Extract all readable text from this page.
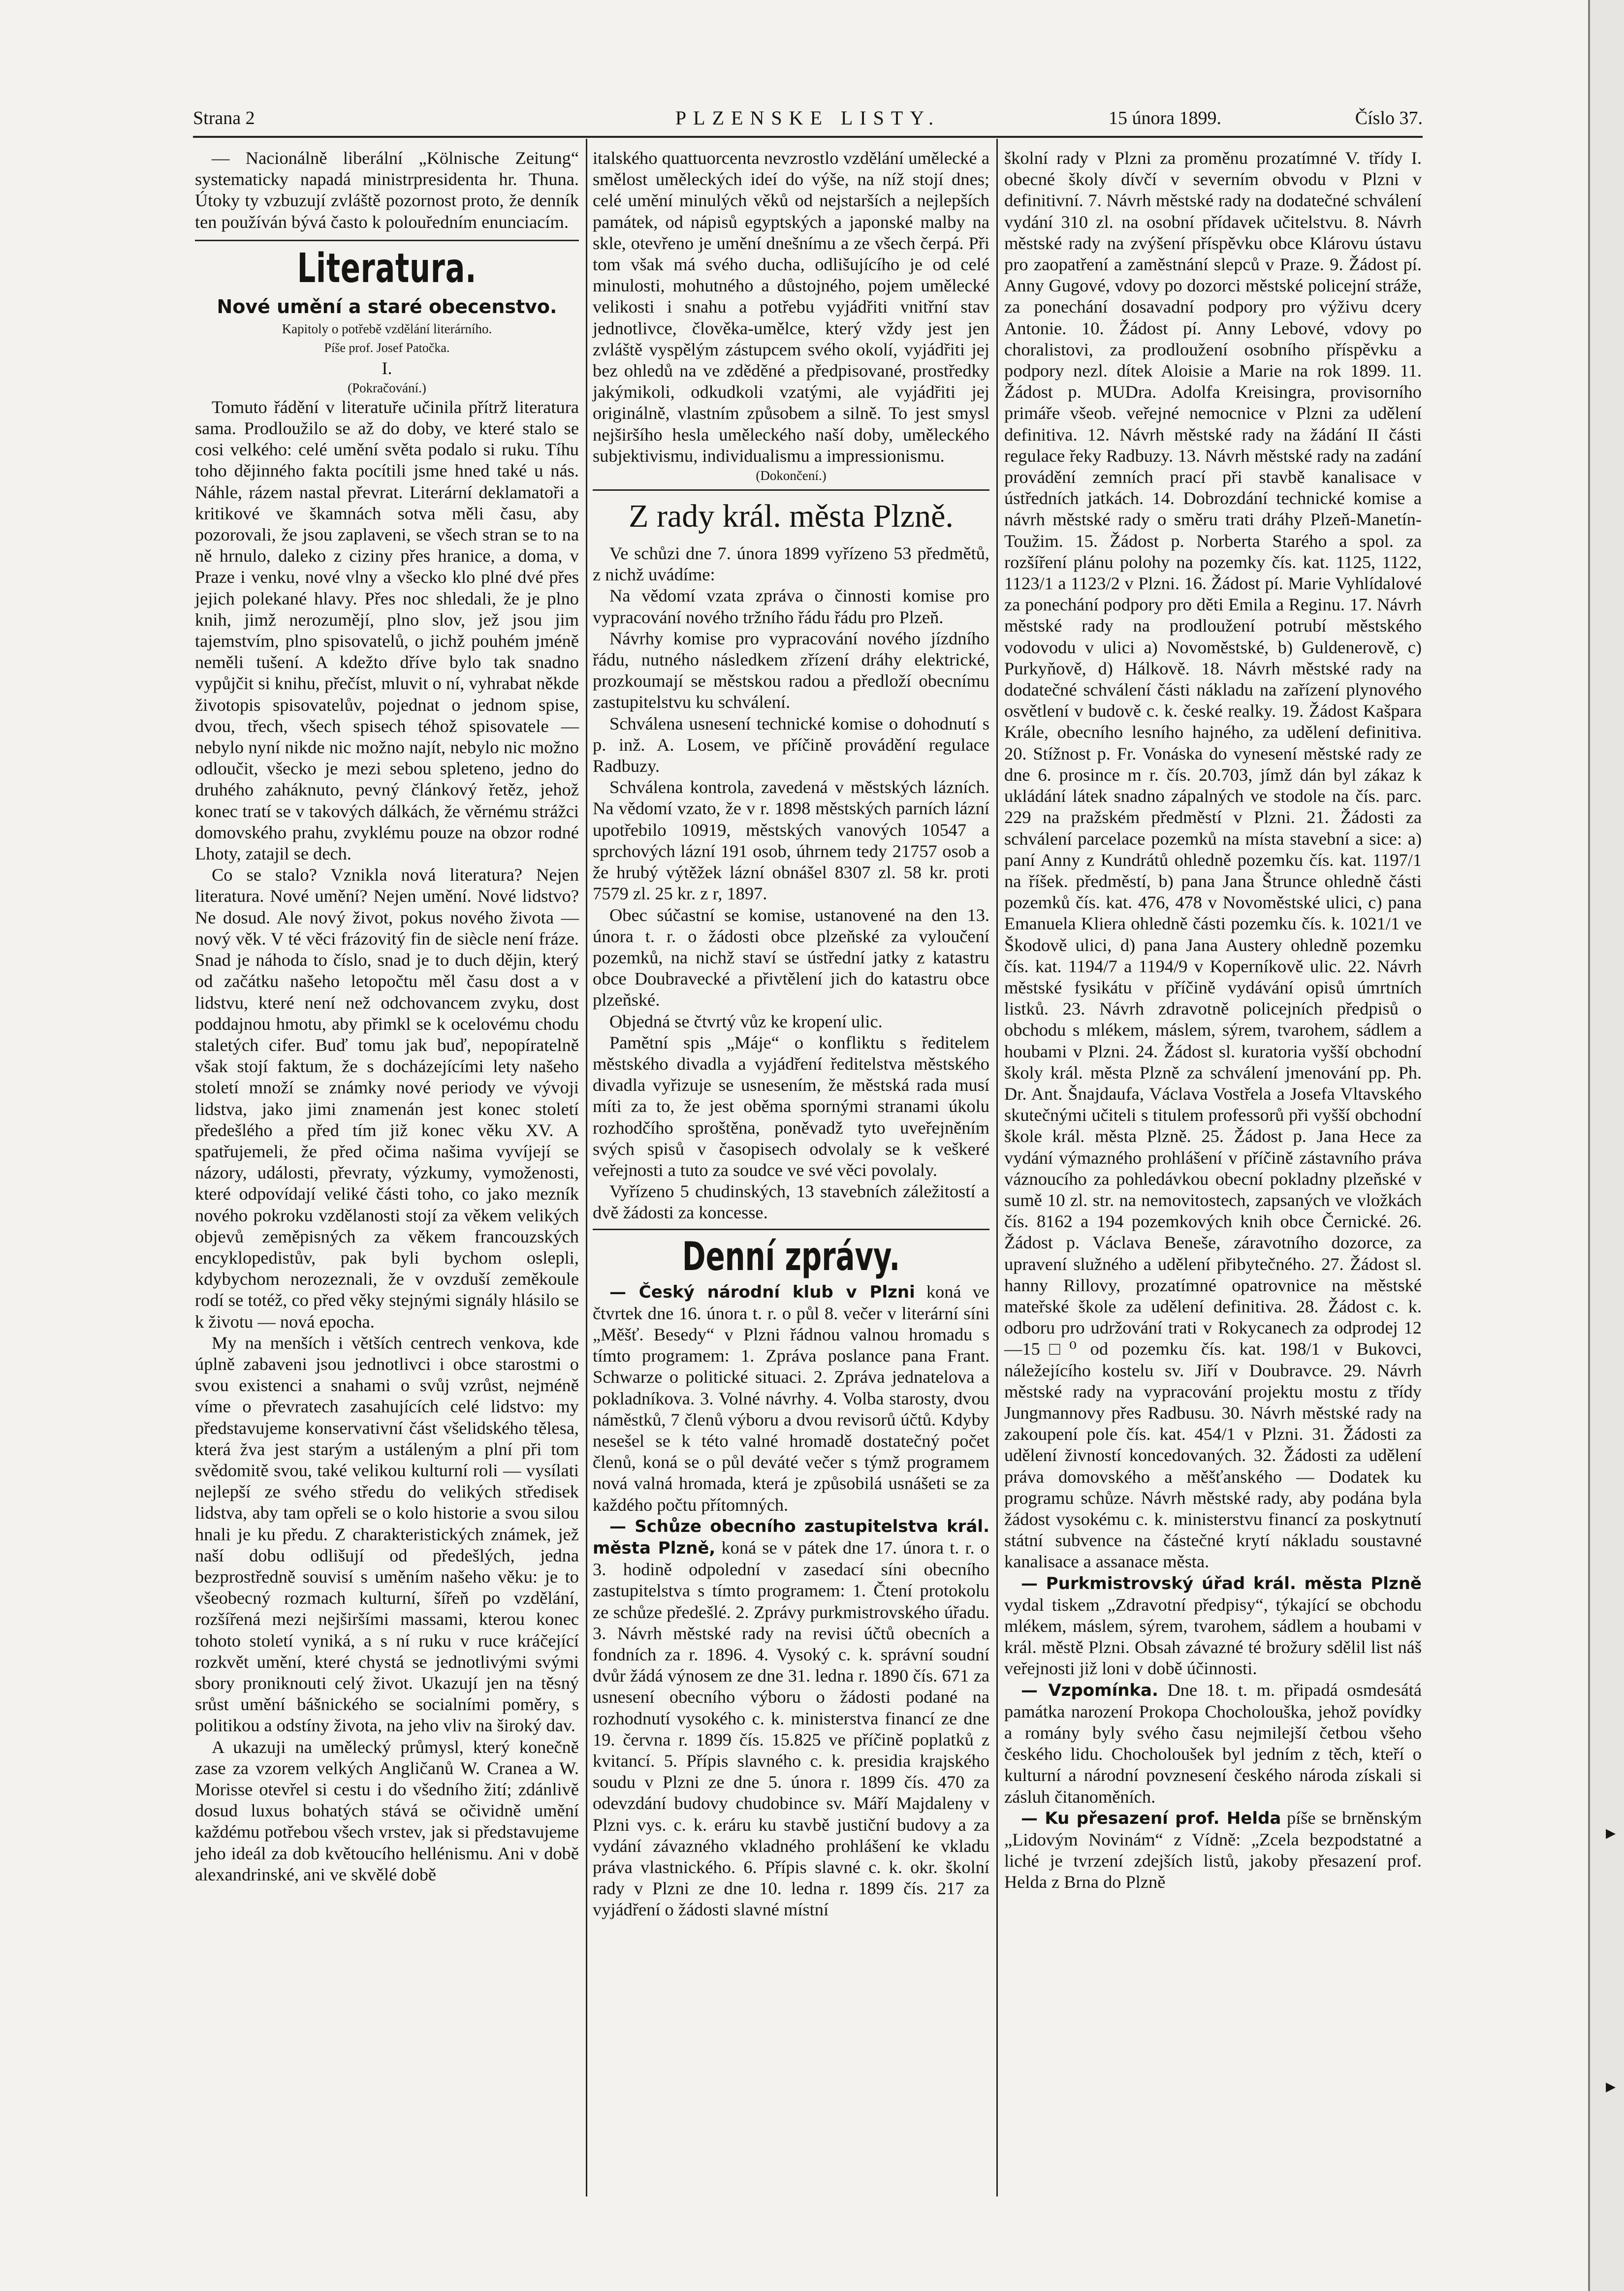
Strana 2	PLZENSKE LISTY.	15 února 1899.	Číslo 37.

— Nacionálně liberální „Kölnische Zeitung“ systematicky napadá ministrpresidenta hr. Thuna. Útoky ty vzbuzují zvláště pozornost proto, že denník ten používán bývá často k polouředním enunciacím.

Literatura.
Nové umění a staré obecenstvo.
Kapitoly o potřebě vzdělání literárního.
Píše prof. Josef Patočka.
I.
(Pokračování.)

Tomuto řádění v literatuře učinila přítrž literatura sama. Prodloužilo se až do doby, ve které stalo se cosi velkého: celé umění světa podalo si ruku. Tíhu toho dějinného fakta pocítili jsme hned také u nás. Náhle, rázem nastal převrat. Literární deklamatoři a kritikové ve škamnách sotva měli času, aby pozorovali, že jsou zaplaveni, se všech stran se to na ně hrnulo, daleko z ciziny přes hranice, a doma, v Praze i venku, nové vlny a všecko klo plné dvé přes jejich polekané hlavy. Přes noc shledali, že je plno knih, jimž nerozumějí, plno slov, jež jsou jim tajemstvím, plno spisovatelů, o jichž pouhém jméně neměli tušení. A kdežto dříve bylo tak snadno vypůjčit si knihu, přečíst, mluvit o ní, vyhrabat někde životopis spisovatelův, pojednat o jednom spise, dvou, třech, všech spisech téhož spisovatele — nebylo nyní nikde nic možno najít, nebylo nic možno odloučit, všecko je mezi sebou spleteno, jedno do druhého zaháknuto, pevný článkový řetěz, jehož konec tratí se v takových dálkách, že věrnému strážci domovského prahu, zvyklému pouze na obzor rodné Lhoty, zatajil se dech.

Co se stalo? Vznikla nová literatura? Nejen literatura. Nové umění? Nejen umění. Nové lidstvo? Ne dosud. Ale nový život, pokus nového života — nový věk. V té věci frázovitý fin de siècle není fráze. Snad je náhoda to číslo, snad je to duch dějin, který od začátku našeho letopočtu měl času dost a v lidstvu, které není než odchovancem zvyku, dost poddajnou hmotu, aby přimkl se k ocelovému chodu staletých cifer. Buď tomu jak buď, nepopíratelně však stojí faktum, že s docházejícími lety našeho století množí se známky nové periody ve vývoji lidstva, jako jimi znamenán jest konec století předešlého a před tím již konec věku XV. A spatřujemeli, že před očima našima vyvíjejí se názory, události, převraty, výzkumy, vymoženosti, které odpovídají veliké části toho, co jako mezník nového pokroku vzdělanosti stojí za věkem velikých objevů zeměpisných za věkem francouzských encyklopedistův, pak byli bychom oslepli, kdybychom nerozeznali, že v ovzduší zeměkoule rodí se totéž, co před věky stejnými signály hlásilo se k životu — nová epocha.

My na menších i větších centrech venkova, kde úplně zabaveni jsou jednotlivci i obce starostmi o svou existenci a snahami o svůj vzrůst, nejméně víme o převratech zasahujících celé lidstvo: my představujeme konservativní část všelidského tělesa, která žva jest starým a ustáleným a plní při tom svědomitě svou, také velikou kulturní roli — vysílati nejlepší ze svého středu do velikých středisek lidstva, aby tam opřeli se o kolo historie a svou silou hnali je ku předu. Z charakteristických známek, jež naší dobu odlišují od předešlých, jedna bezprostředně souvisí s uměním našeho věku: je to všeobecný rozmach kulturní, šířeň po vzdělání, rozšířená mezi nejširšími massami, kterou konec tohoto století vyniká, a s ní ruku v ruce kráčející rozkvět umění, které chystá se jednotlivými svými sbory proniknouti celý život. Ukazují jen na těsný srůst umění bášnického se socialními poměry, s politikou a odstíny života, na jeho vliv na široký dav.

A ukazuji na umělecký průmysl, který konečně zase za vzorem velkých Angličanů W. Cranea a W. Morisse otevřel si cestu i do všedního žití; zdánlivě dosud luxus bohatých stává se očividně umění každému potřebou všech vrstev, jak si představujeme jeho ideál za dob květoucího hellénismu. Ani v době alexandrinské, ani ve skvělé době

italského quattuorcenta nevzrostlo vzdělání umělecké a smělost uměleckých ideí do výše, na níž stojí dnes; celé umění minulých věků od nejstarších a nejlepších památek, od nápisů egyptských a japonské malby na skle, otevřeno je umění dnešnímu a ze všech čerpá. Při tom však má svého ducha, odlišujícího je od celé minulosti, mohutného a důstojného, pojem umělecké velikosti i snahu a potřebu vyjádřiti vnitřní stav jednotlivce, člověka-umělce, který vždy jest jen zvláště vyspělým zástupcem svého okolí, vyjádřiti jej bez ohledů na ve zděděné a předpisované, prostředky jakýmikoli, odkudkoli vzatými, ale vyjádřiti jej originálně, vlastním způsobem a silně. To jest smysl nejširšího hesla uměleckého naší doby, uměleckého subjektivismu, individualismu a impressionismu.

(Dokončení.)
Z rady král. města Plzně.

Ve schůzi dne 7. února 1899 vyřízeno 53 předmětů, z nichž uvádíme:

Na vědomí vzata zpráva o činnosti komise pro vypracování nového tržního řádu řádu pro Plzeň.

Návrhy komise pro vypracování nového jízdního řádu, nutného následkem zřízení dráhy elektrické, prozkoumají se městskou radou a předloží obecnímu zastupitelstvu ku schválení.

Schválena usnesení technické komise o dohodnutí s p. inž. A. Losem, ve příčině provádění regulace Radbuzy.

Schválena kontrola, zavedená v městských lázních. Na vědomí vzato, že v r. 1898 městských parních lázní upotřebilo 10919, městských vanových 10547 a sprchových lázní 191 osob, úhrnem tedy 21757 osob a že hrubý výtěžek lázní obnášel 8307 zl. 58 kr. proti 7579 zl. 25 kr. z r, 1897.

Obec súčastní se komise, ustanovené na den 13. února t. r. o žádosti obce plzeňské za vyloučení pozemků, na nichž staví se ústřední jatky z katastru obce Doubravecké a přivtělení jich do katastru obce plzeňské.

Objedná se čtvrtý vůz ke kropení ulic.

Pamětní spis „Máje“ o konfliktu s ředitelem městského divadla a vyjádření ředitelstva městského divadla vyřizuje se usnesením, že městská rada musí míti za to, že jest oběma spornými stranami úkolu rozhodčího sproštěna, poněvadž tyto uveřejněním svých spisů v časopisech odvolaly se k veškeré veřejnosti a tuto za soudce ve své věci povolaly.

Vyřízeno 5 chudinských, 13 stavebních záležitostí a dvě žádosti za koncesse.

Denní zprávy.

— Český národní klub v Plzni koná ve čtvrtek dne 16. února t. r. o půl 8. večer v literární síni „Měšť. Besedy“ v Plzni řádnou valnou hromadu s tímto programem: 1. Zpráva poslance pana Frant. Schwarze o politické situaci. 2. Zpráva jednatelova a pokladníkova. 3. Volné návrhy. 4. Volba starosty, dvou náměstků, 7 členů výboru a dvou revisorů účtů. Kdyby nesešel se k této valné hromadě dostatečný počet členů, koná se o půl deváté večer s týmž programem nová valná hromada, která je způsobilá usnášeti se za každého počtu přítomných.

— Schůze obecního zastupitelstva král. města Plzně, koná se v pátek dne 17. února t. r. o 3. hodině odpolední v zasedací síni obecního zastupitelstva s tímto programem: 1. Čtení protokolu ze schůze předešlé. 2. Zprávy purkmistrovského úřadu. 3. Návrh městské rady na revisi účtů obecních a fondních za r. 1896. 4. Vysoký c. k. správní soudní dvůr žádá výnosem ze dne 31. ledna r. 1890 čís. 671 za usnesení obecního výboru o žádosti podané na rozhodnutí vysokého c. k. ministerstva financí ze dne 19. června r. 1899 čís. 15.825 ve příčině poplatků z kvitancí. 5. Přípis slavného c. k. presidia krajského soudu v Plzni ze dne 5. února r. 1899 čís. 470 za odevzdání budovy chudobince sv. Máří Majdaleny v Plzni vys. c. k. eráru ku stavbě justiční budovy a za vydání závazného vkladného prohlášení ke vkladu práva vlastnického. 6. Přípis slavné c. k. okr. školní rady v Plzni ze dne 10. ledna r. 1899 čís. 217 za vyjádření o žádosti slavné místní

školní rady v Plzni za proměnu prozatímné V. třídy I. obecné školy dívčí v severním obvodu v Plzni v definitivní. 7. Návrh městské rady na dodatečné schválení vydání 310 zl. na osobní přídavek učitelstvu. 8. Návrh městské rady na zvýšení příspěvku obce Klárovu ústavu pro zaopatření a zaměstnání slepců v Praze. 9. Žádost pí. Anny Gugové, vdovy po dozorci městské policejní stráže, za ponechání dosavadní podpory pro výživu dcery Antonie. 10. Žádost pí. Anny Lebové, vdovy po choralistovi, za prodloužení osobního příspěvku a podpory nezl. dítek Aloisie a Marie na rok 1899. 11. Žádost p. MUDra. Adolfa Kreisingra, provisorního primáře všeob. veřejné nemocnice v Plzni za udělení definitiva. 12. Návrh městské rady na žádání II části regulace řeky Radbuzy. 13. Návrh městské rady na zadání provádění zemních prací při stavbě kanalisace v ústředních jatkách. 14. Dobrozdání technické komise a návrh městské rady o směru trati dráhy Plzeň-Manetín-Toužim. 15. Žádost p. Norberta Starého a spol. za rozšíření plánu polohy na pozemky čís. kat. 1125, 1122, 1123/1 a 1123/2 v Plzni. 16. Žádost pí. Marie Vyhlídalové za ponechání podpory pro děti Emila a Reginu. 17. Návrh městské rady na prodloužení potrubí městského vodovodu v ulici a) Novoměstské, b) Guldenerově, c) Purkyňově, d) Hálkově. 18. Návrh městské rady na dodatečné schválení části nákladu na zařízení plynového osvětlení v budově c. k. české realky. 19. Žádost Kašpara Krále, obecního lesního hajného, za udělení definitiva. 20. Stížnost p. Fr. Vonáska do vynesení městské rady ze dne 6. prosince m r. čís. 20.703, jímž dán byl zákaz k ukládání látek snadno zápalných ve stodole na čís. parc. 229 na pražském předměstí v Plzni. 21. Žádosti za schválení parcelace pozemků na místa stavební a sice: a) paní Anny z Kundrátů ohledně pozemku čís. kat. 1197/1 na říšek. předměstí, b) pana Jana Štrunce ohledně části pozemků čís. kat. 476, 478 v Novoměstské ulici, c) pana Emanuela Kliera ohledně části pozemku čís. k. 1021/1 ve Škodově ulici, d) pana Jana Austery ohledně pozemku čís. kat. 1194/7 a 1194/9 v Koperníkově ulic. 22. Návrh městské fysikátu v příčině vydávání opisů úmrtních listků. 23. Návrh zdravotně policejních předpisů o obchodu s mlékem, máslem, sýrem, tvarohem, sádlem a houbami v Plzni. 24. Žádost sl. kuratoria vyšší obchodní školy král. města Plzně za schválení jmenování pp. Ph. Dr. Ant. Šnajdaufa, Václava Vostřela a Josefa Vltavského skutečnými učiteli s titulem professorů při vyšší obchodní škole král. města Plzně. 25. Žádost p. Jana Hece za vydání výmazného prohlášení v příčině zástavního práva váznoucího za pohledávkou obecní pokladny plzeňské v sumě 10 zl. str. na nemovitostech, zapsaných ve vložkách čís. 8162 a 194 pozemkových knih obce Černické. 26. Žádost p. Václava Beneše, záravotního dozorce, za upravení služného a udělení přibytečného. 27. Žádost sl. hanny Rillovy, prozatímné opatrovnice na městské mateřské škole za udělení definitiva. 28. Žádost c. k. odboru pro udržování trati v Rokycanech za odprodej 12—15□⁰ od pozemku čís. kat. 198/1 v Bukovci, náležejícího kostelu sv. Jiří v Doubravce. 29. Návrh městské rady na vypracování projektu mostu z třídy Jungmannovy přes Radbusu. 30. Návrh městské rady na zakoupení pole čís. kat. 454/1 v Plzni. 31. Žádosti za udělení živností koncedovaných. 32. Žádosti za udělení práva domovského a měšťanského — Dodatek ku programu schůze. Návrh městské rady, aby podána byla žádost vysokému c. k. ministerstvu financí za poskytnutí státní subvence na částečné krytí nákladu soustavné kanalisace a assanace města.

— Purkmistrovský úřad král. města Plzně vydal tiskem „Zdravotní předpisy“, týkající se obchodu mlékem, máslem, sýrem, tvarohem, sádlem a houbami v král. městě Plzni. Obsah závazné té brožury sdělil list náš veřejnosti již loni v době účinnosti.

— Vzpomínka. Dne 18. t. m. připadá osmdesátá památka narození Prokopa Chocholouška, jehož povídky a romány byly svého času nejmilejší četbou všeho českého lidu. Chocholoušek byl jedním z těch, kteří o kulturní a národní povznesení českého národa získali si zásluh čitanoměních.

— Ku přesazení prof. Helda píše se brněnským „Lidovým Novinám“ z Vídně: „Zcela bezpodstatné a liché je tvrzení zdejších listů, jakoby přesazení prof. Helda z Brna do Plzně

▸
▸
